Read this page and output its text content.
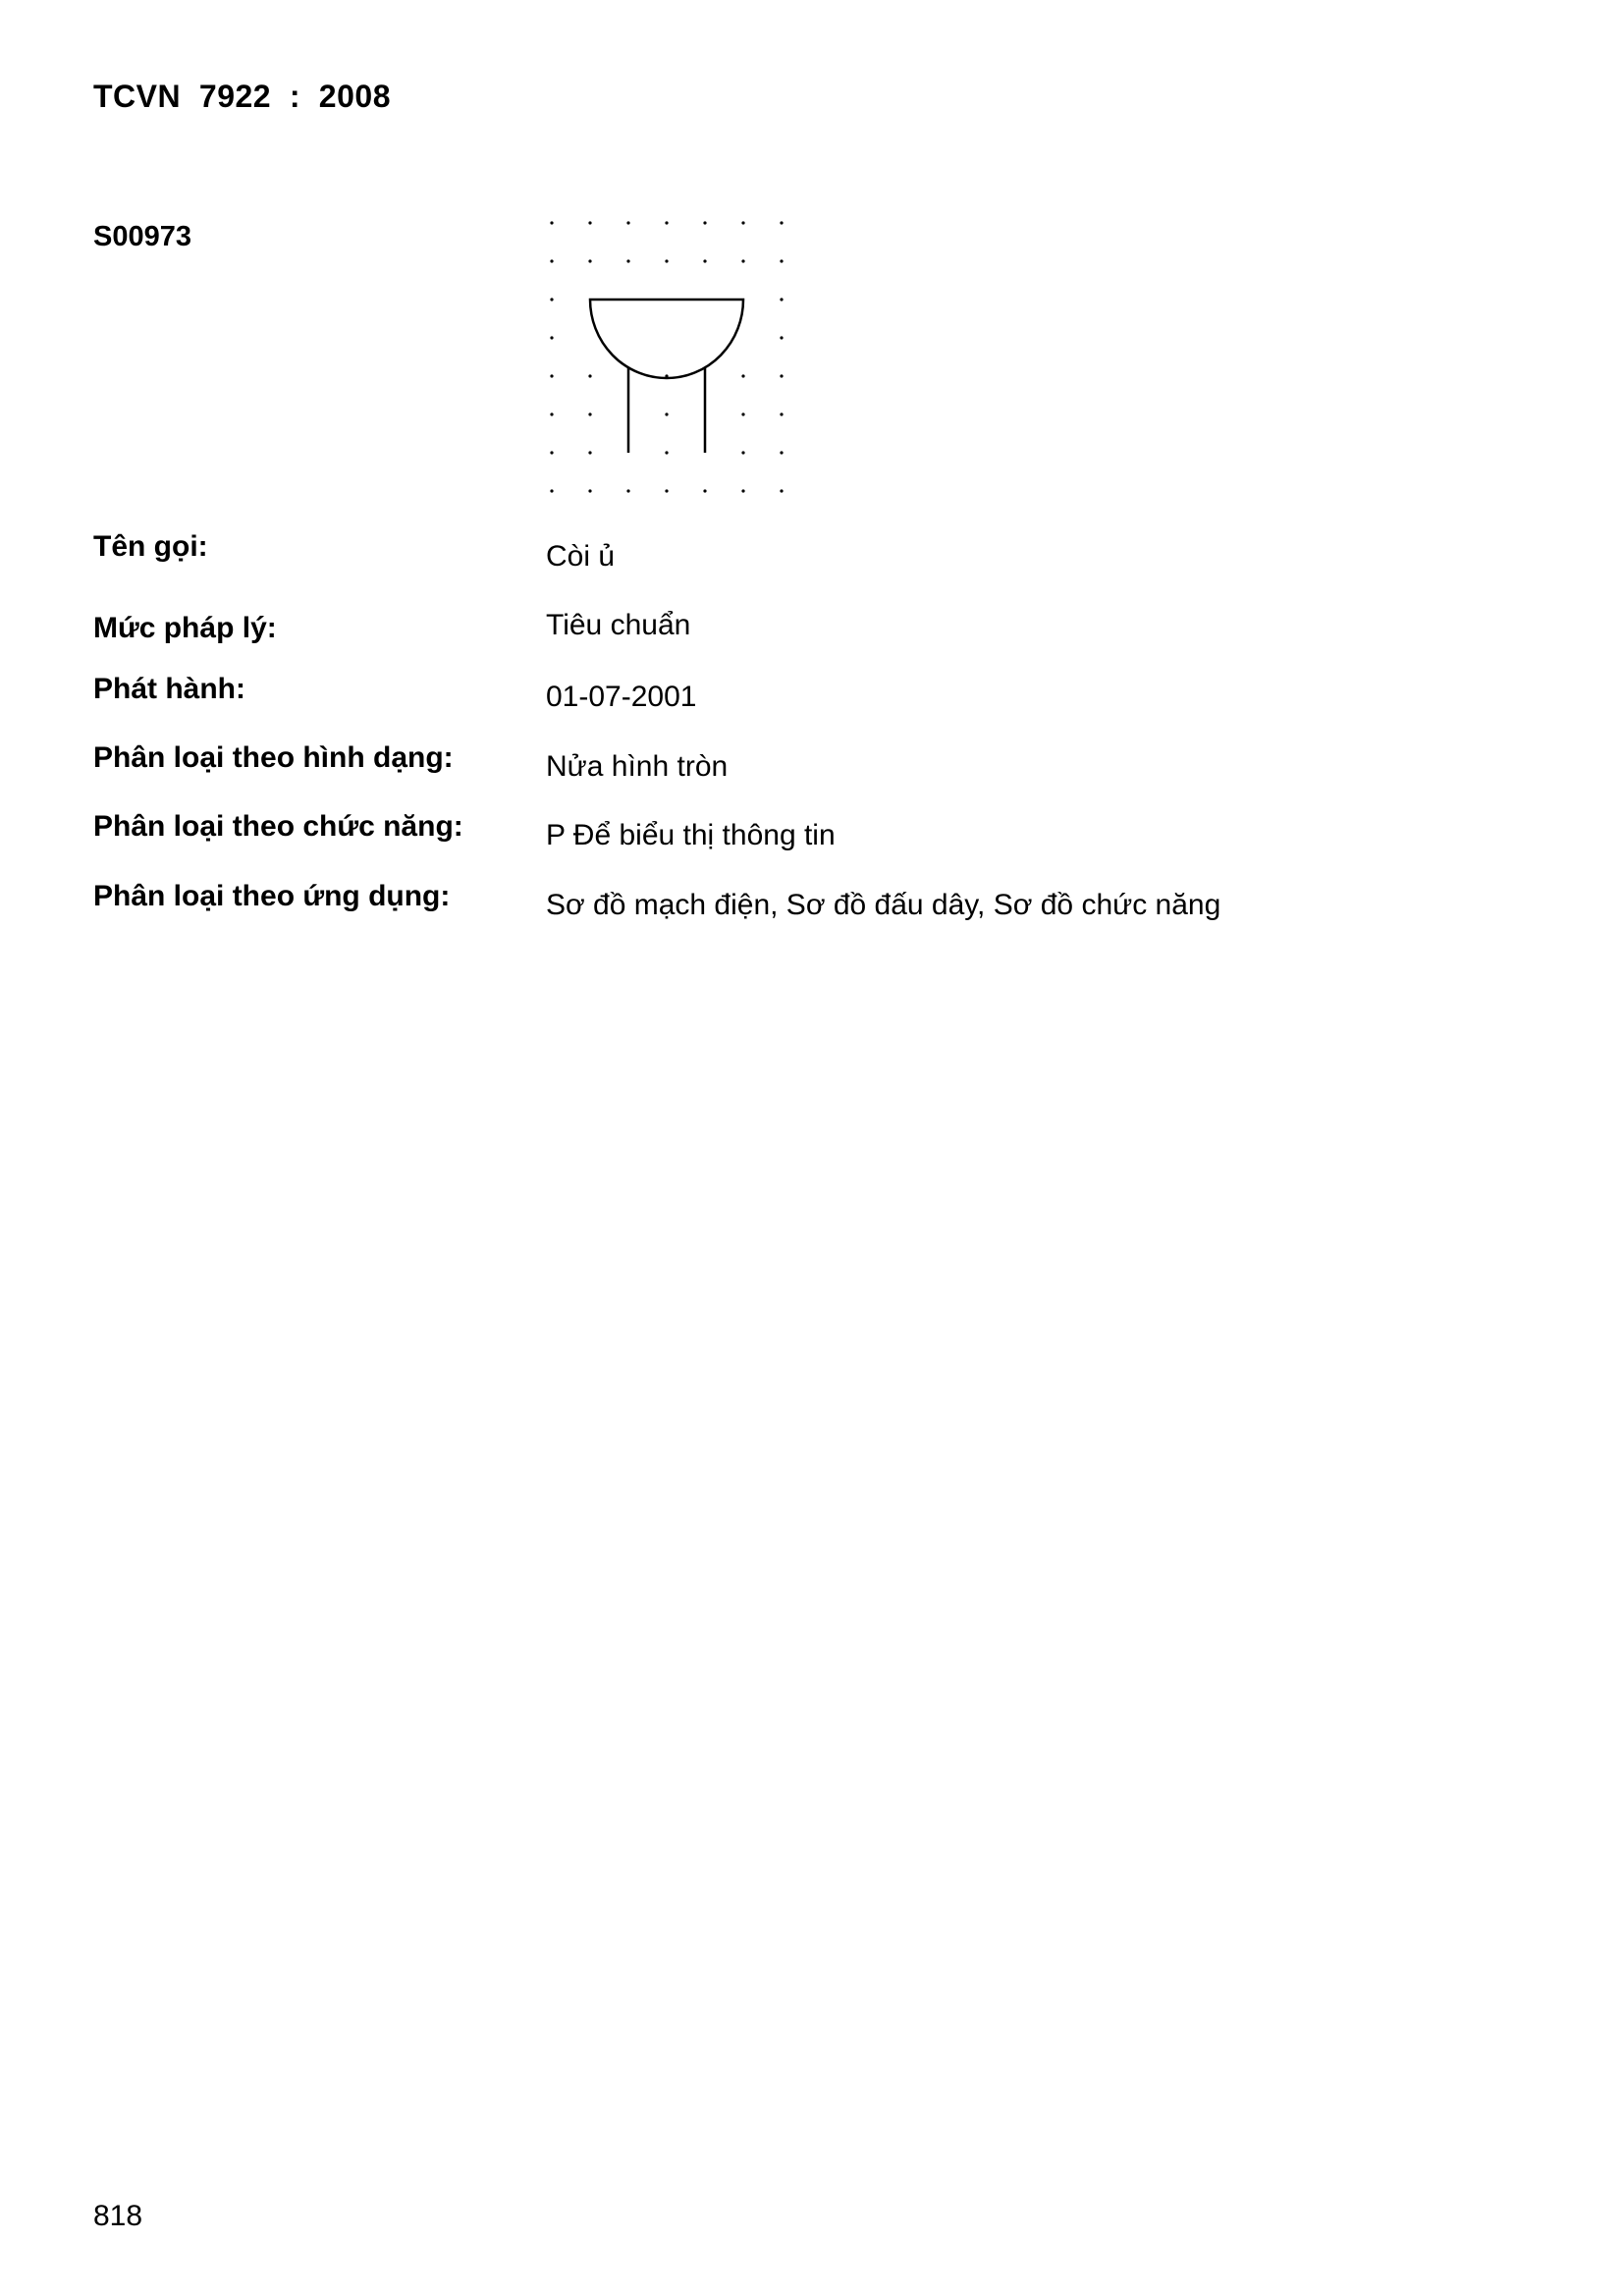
TCVN  7922  :  2008
S00973
Tên gọi:	Còi ủ
Mức pháp lý:	Tiêu chuẩn
Phát hành:	01-07-2001
Phân loại theo hình dạng:	Nửa hình tròn
Phân loại theo chức năng:	P Để biểu thị thông tin
Phân loại theo ứng dụng:	Sơ đồ mạch điện, Sơ đồ đấu dây, Sơ đồ chức năng
818
